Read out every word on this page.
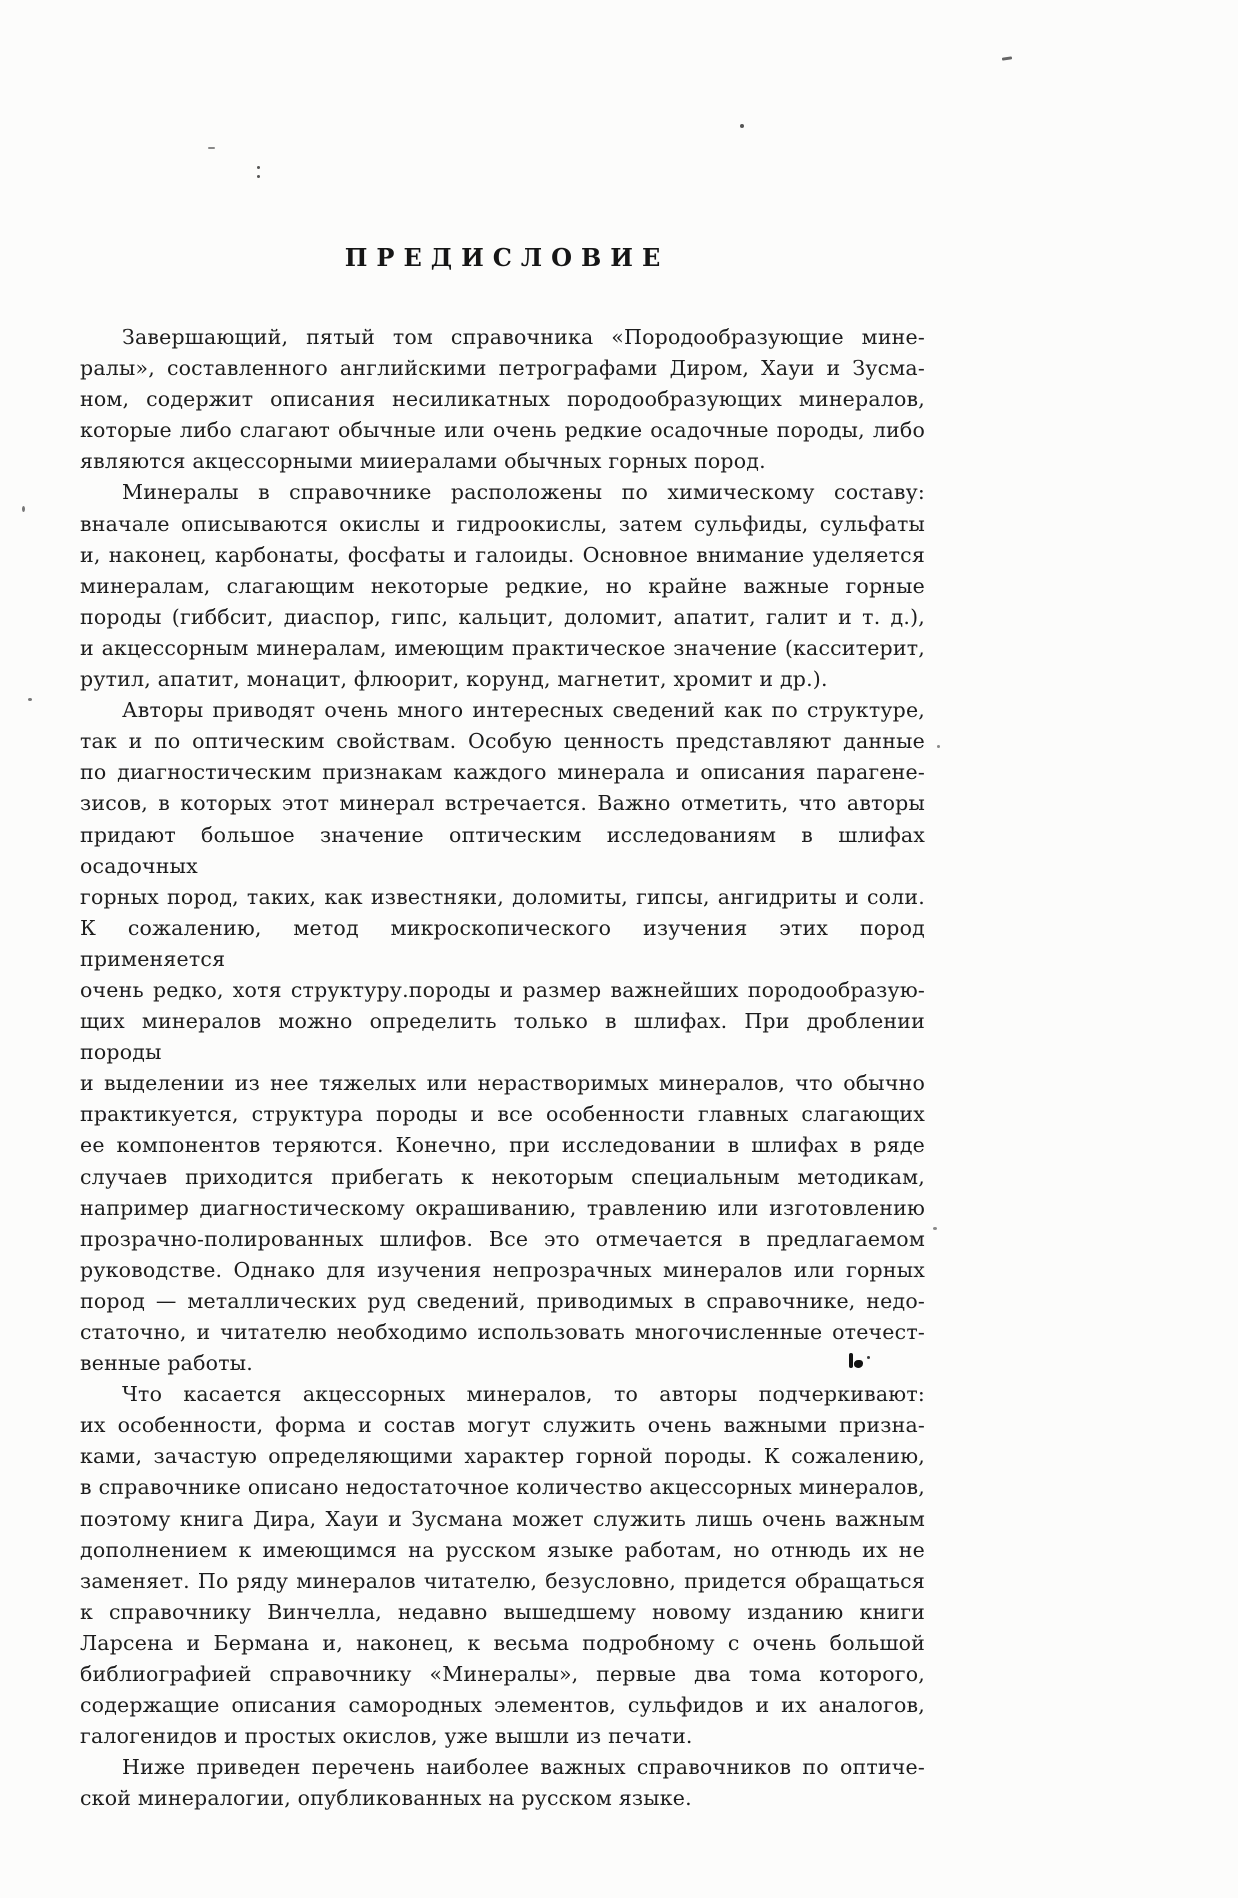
ПРЕДИСЛОВИЕ
Завершающий, пятый том справочника «Породообразующие мине-
ралы», составленного английскими петрографами Диром, Хауи и Зусма-
ном, содержит описания несиликатных породообразующих минералов,
которые либо слагают обычные или очень редкие осадочные породы, либо
являются акцессорными мииералами обычных горных пород.
Минералы в справочнике расположены по химическому составу:
вначале описываются окислы и гидроокислы, затем сульфиды, сульфаты
и, наконец, карбонаты, фосфаты и галоиды. Основное внимание уделяется
минералам, слагающим некоторые редкие, но крайне важные горные
породы (гиббсит, диаспор, гипс, кальцит, доломит, апатит, галит и т. д.),
и акцессорным минералам, имеющим практическое значение (касситерит,
рутил, апатит, монацит, флюорит, корунд, магнетит, хромит и др.).
Авторы приводят очень много интересных сведений как по структуре,
так и по оптическим свойствам. Особую ценность представляют данные
по диагностическим признакам каждого минерала и описания парагене-
зисов, в которых этот минерал встречается. Важно отметить, что авторы
придают большое значение оптическим исследованиям в шлифах осадочных
горных пород, таких, как известняки, доломиты, гипсы, ангидриты и соли.
К сожалению, метод микроскопического изучения этих пород применяется
очень редко, хотя структуру.породы и размер важнейших породообразую-
щих минералов можно определить только в шлифах. При дроблении породы
и выделении из нее тяжелых или нерастворимых минералов, что обычно
практикуется, структура породы и все особенности главных слагающих
ее компонентов теряются. Конечно, при исследовании в шлифах в ряде
случаев приходится прибегать к некоторым специальным методикам,
например диагностическому окрашиванию, травлению или изготовлению
прозрачно-полированных шлифов. Все это отмечается в предлагаемом
руководстве. Однако для изучения непрозрачных минералов или горных
пород — металлических руд сведений, приводимых в справочнике, недо-
статочно, и читателю необходимо использовать многочисленные отечест-
венные работы.
Что касается акцессорных минералов, то авторы подчеркивают:
их особенности, форма и состав могут служить очень важными призна-
ками, зачастую определяющими характер горной породы. К сожалению,
в справочнике описано недостаточное количество акцессорных минералов,
поэтому книга Дира, Хауи и Зусмана может служить лишь очень важным
дополнением к имеющимся на русском языке работам, но отнюдь их не
заменяет. По ряду минералов читателю, безусловно, придется обращаться
к справочнику Винчелла, недавно вышедшему новому изданию книги
Ларсена и Бермана и, наконец, к весьма подробному с очень большой
библиографией справочнику «Минералы», первые два тома которого,
содержащие описания самородных элементов, сульфидов и их аналогов,
галогенидов и простых окислов, уже вышли из печати.
Ниже приведен перечень наиболее важных справочников по оптиче-
ской минералогии, опубликованных на русском языке.
